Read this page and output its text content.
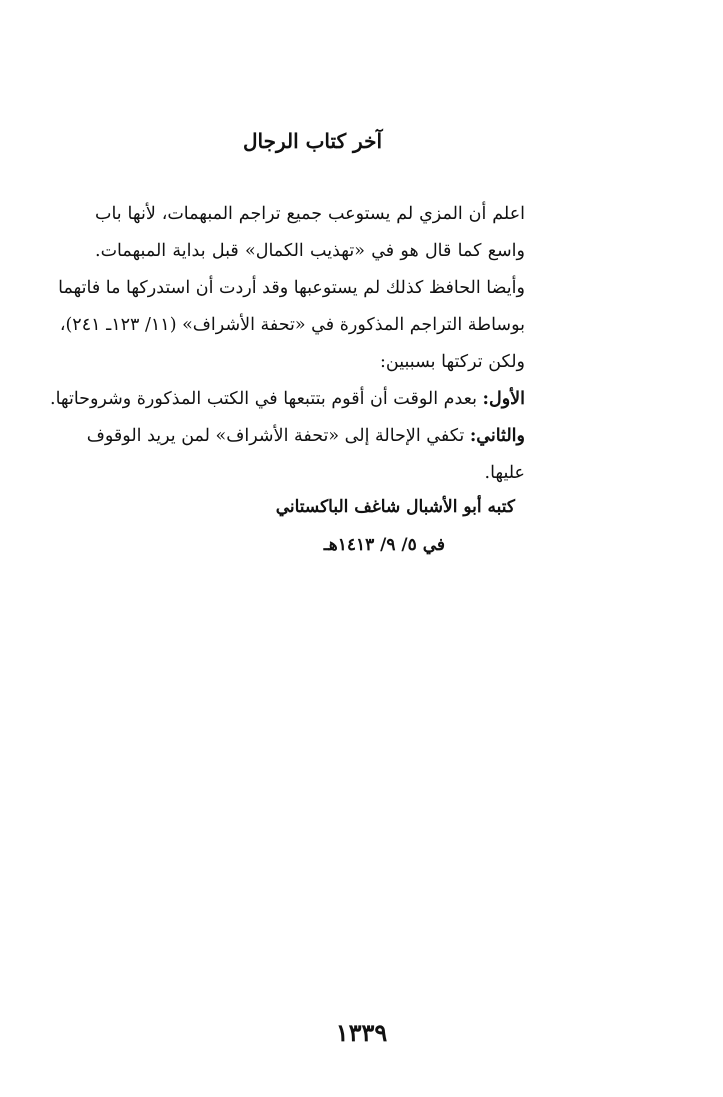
آخر كتاب الرجال
اعلم أن المزي لم يستوعب جميع تراجم المبهمات، لأنها باب
واسع كما قال هو في «تهذيب الكمال» قبل بداية المبهمات.
وأيضا الحافظ كذلك لم يستوعبها وقد أردت أن استدركها ما فاتهما
بوساطة التراجم المذكورة في «تحفة الأشراف» (١١/ ١٢٣ـ ٢٤١)،
ولكن تركتها بسببين:
الأول: بعدم الوقت أن أقوم بتتبعها في الكتب المذكورة وشروحاتها.
والثاني: تكفي الإحالة إلى «تحفة الأشراف» لمن يريد الوقوف
عليها.
كتبه أبو الأشبال شاغف الباكستاني
في ٥/ ٩/ ١٤١٣هـ
١٣٣٩
